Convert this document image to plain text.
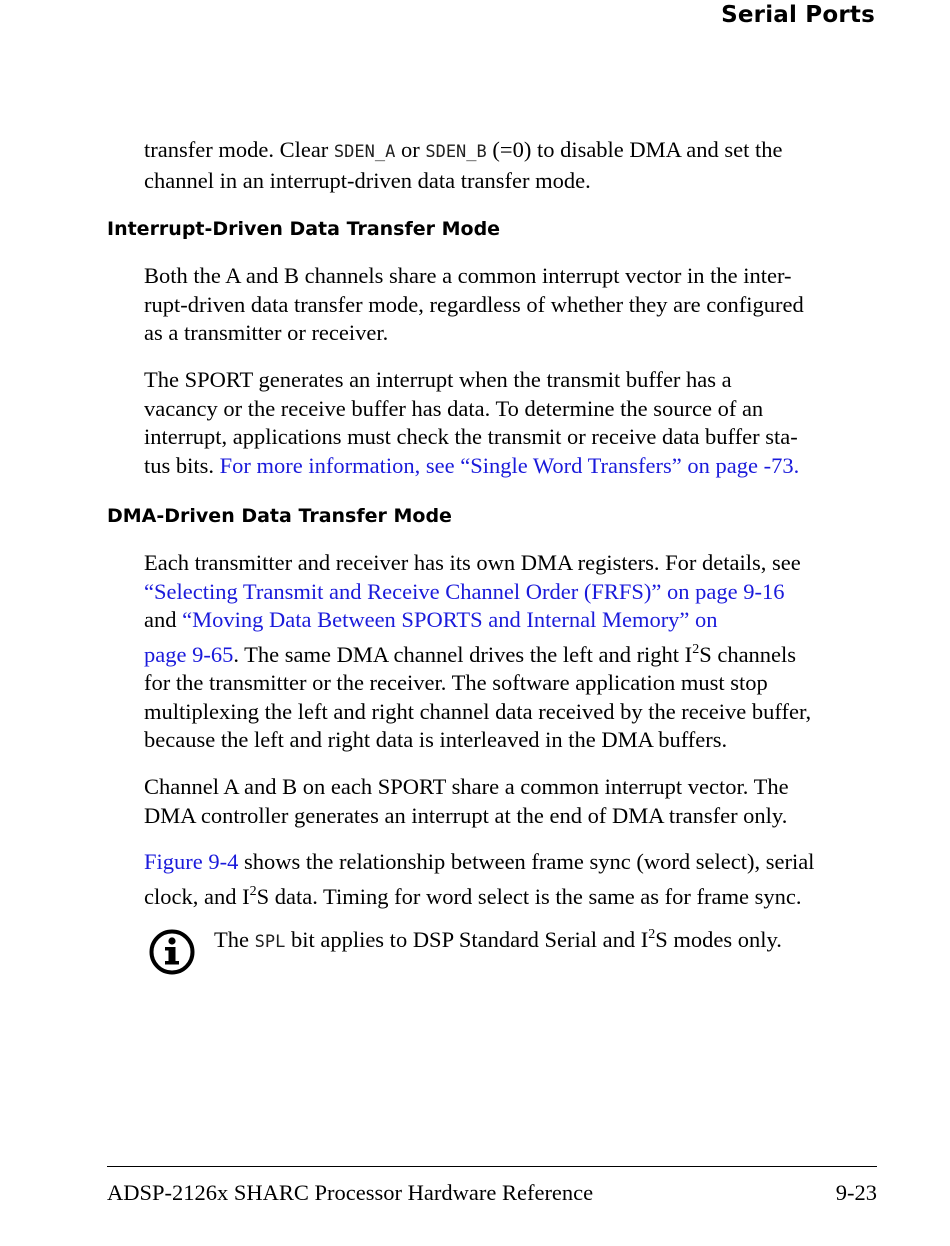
Serial Ports

transfer mode. Clear SDEN_A or SDEN_B (=0) to disable DMA and set the
channel in an interrupt-driven data transfer mode.

Interrupt-Driven Data Transfer Mode

Both the A and B channels share a common interrupt vector in the inter-
rupt-driven data transfer mode, regardless of whether they are configured
as a transmitter or receiver.

The SPORT generates an interrupt when the transmit buffer has a
vacancy or the receive buffer has data. To determine the source of an
interrupt, applications must check the transmit or receive data buffer sta-
tus bits. For more information, see “Single Word Transfers” on page -73.

DMA-Driven Data Transfer Mode

Each transmitter and receiver has its own DMA registers. For details, see
“Selecting Transmit and Receive Channel Order (FRFS)” on page 9-16
and “Moving Data Between SPORTS and Internal Memory” on
page 9-65. The same DMA channel drives the left and right $I^2S$ channels
for the transmitter or the receiver. The software application must stop
multiplexing the left and right channel data received by the receive buffer,
because the left and right data is interleaved in the DMA buffers.

Channel A and B on each SPORT share a common interrupt vector. The
DMA controller generates an interrupt at the end of DMA transfer only.

Figure 9-4 shows the relationship between frame sync (word select), serial
clock, and $I^2S$ data. Timing for word select is the same as for frame sync.

The SPL bit applies to DSP Standard Serial and $I^2S$ modes only.
ADSP-2126x SHARC Processor Hardware Reference	9-23
